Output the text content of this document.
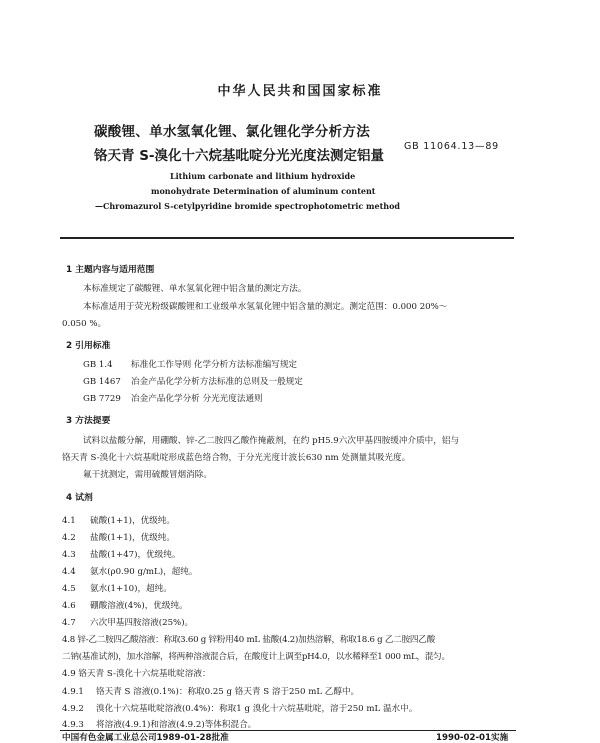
中华人民共和国国家标准
碳酸锂、单水氢氧化锂、氯化锂化学分析方法
铬天青 S-溴化十六烷基吡啶分光光度法测定铝量
GB 11064.13—89
Lithium carbonate and lithium hydroxide
monohydrate Determination of aluminum content
—Chromazurol S-cetylpyridine bromide spectrophotometric method
1 主题内容与适用范围
本标准规定了碳酸锂、单水氢氧化锂中铝含量的测定方法。
本标准适用于荧光粉级碳酸锂和工业级单水氢氧化锂中铝含量的测定。测定范围：0.000 20%～
0.050 %。
2 引用标准
GB 1.4 标准化工作导则 化学分析方法标准编写规定
GB 1467 冶金产品化学分析方法标准的总则及一般规定
GB 7729 冶金产品化学分析 分光光度法通则
3 方法提要
试料以盐酸分解，用硼酸、锌-乙二胺四乙酸作掩蔽剂，在约 pH5.9六次甲基四胺缓冲介质中，铝与
铬天青 S-溴化十六烷基吡啶形成蓝色络合物，于分光光度计波长630 nm 处测量其吸光度。
氟干扰测定，需用硫酸冒烟消除。
4 试剂
4.1 硫酸(1+1)，优级纯。
4.2 盐酸(1+1)，优级纯。
4.3 盐酸(1+47)，优级纯。
4.4 氨水(ρ0.90 g/mL)，超纯。
4.5 氨水(1+10)，超纯。
4.6 硼酸溶液(4%)，优级纯。
4.7 六次甲基四胺溶液(25%)。
4.8 锌-乙二胺四乙酸溶液：称取3.60 g 锌粉用40 mL 盐酸(4.2)加热溶解，称取18.6 g 乙二胺四乙酸
二钠(基准试剂)，加水溶解，将两种溶液混合后，在酸度计上调至pH4.0，以水稀释至1 000 mL，混匀。
4.9 铬天青 S-溴化十六烷基吡啶溶液：
4.9.1 铬天青 S 溶液(0.1%)：称取0.25 g 铬天青 S 溶于250 mL 乙醇中。
4.9.2 溴化十六烷基吡啶溶液(0.4%)：称取1 g 溴化十六烷基吡啶，溶于250 mL 温水中。
4.9.3 将溶液(4.9.1)和溶液(4.9.2)等体积混合。
中国有色金属工业总公司1989-01-28批准	1990-02-01实施
